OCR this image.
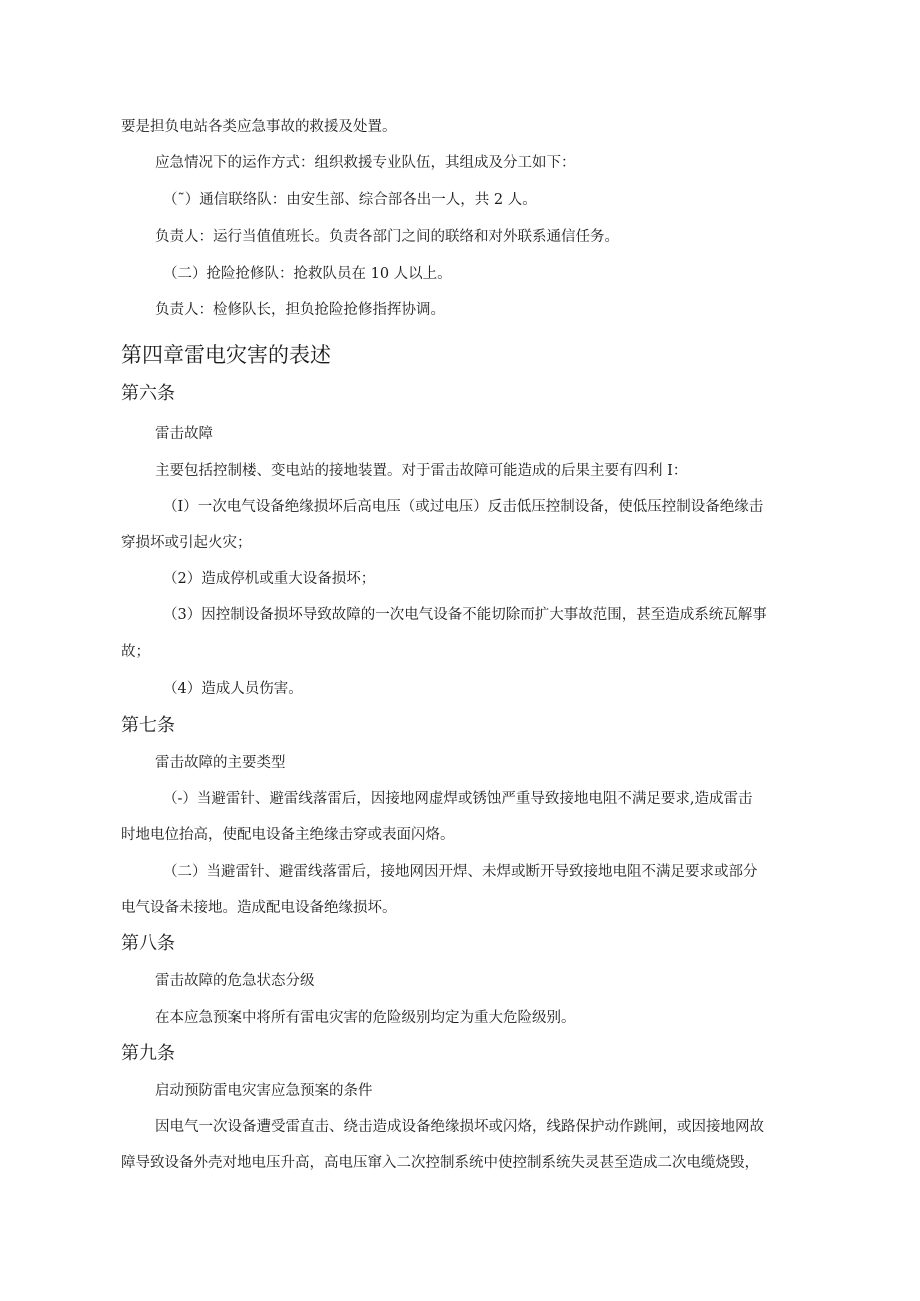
要是担负电站各类应急事故的救援及处置。

应急情况下的运作方式：组织救援专业队伍，其组成及分工如下：

（˜）通信联络队：由安生部、综合部各出一人，共 2 人。

负责人：运行当值值班长。负责各部门之间的联络和对外联系通信任务。

（二）抢险抢修队：抢救队员在 10 人以上。

负责人：检修队长，担负抢险抢修指挥协调。

第四章雷电灾害的表述

第六条

雷击故障

主要包括控制楼、变电站的接地装置。对于雷击故障可能造成的后果主要有四利 I：

（I）一次电气设备绝缘损坏后高电压（或过电压）反击低压控制设备，使低压控制设备绝缘击

穿损坏或引起火灾；

（2）造成停机或重大设备损坏；

（3）因控制设备损坏导致故障的一次电气设备不能切除而扩大事故范围，甚至造成系统瓦解事

故；

（4）造成人员伤害。

第七条

雷击故障的主要类型

（-）当避雷针、避雷线落雷后，因接地网虚焊或锈蚀严重导致接地电阻不满足要求,造成雷击

时地电位抬高，使配电设备主绝缘击穿或表面闪烙。

（二）当避雷针、避雷线落雷后，接地网因开焊、未焊或断开导致接地电阻不满足要求或部分

电气设备未接地。造成配电设备绝缘损坏。

第八条

雷击故障的危急状态分级

在本应急预案中将所有雷电灾害的危险级别均定为重大危险级别。

第九条

启动预防雷电灾害应急预案的条件

因电气一次设备遭受雷直击、绕击造成设备绝缘损坏或闪烙，线路保护动作跳闸，或因接地网故

障导致设备外壳对地电压升高，高电压窜入二次控制系统中使控制系统失灵甚至造成二次电缆烧毁，
